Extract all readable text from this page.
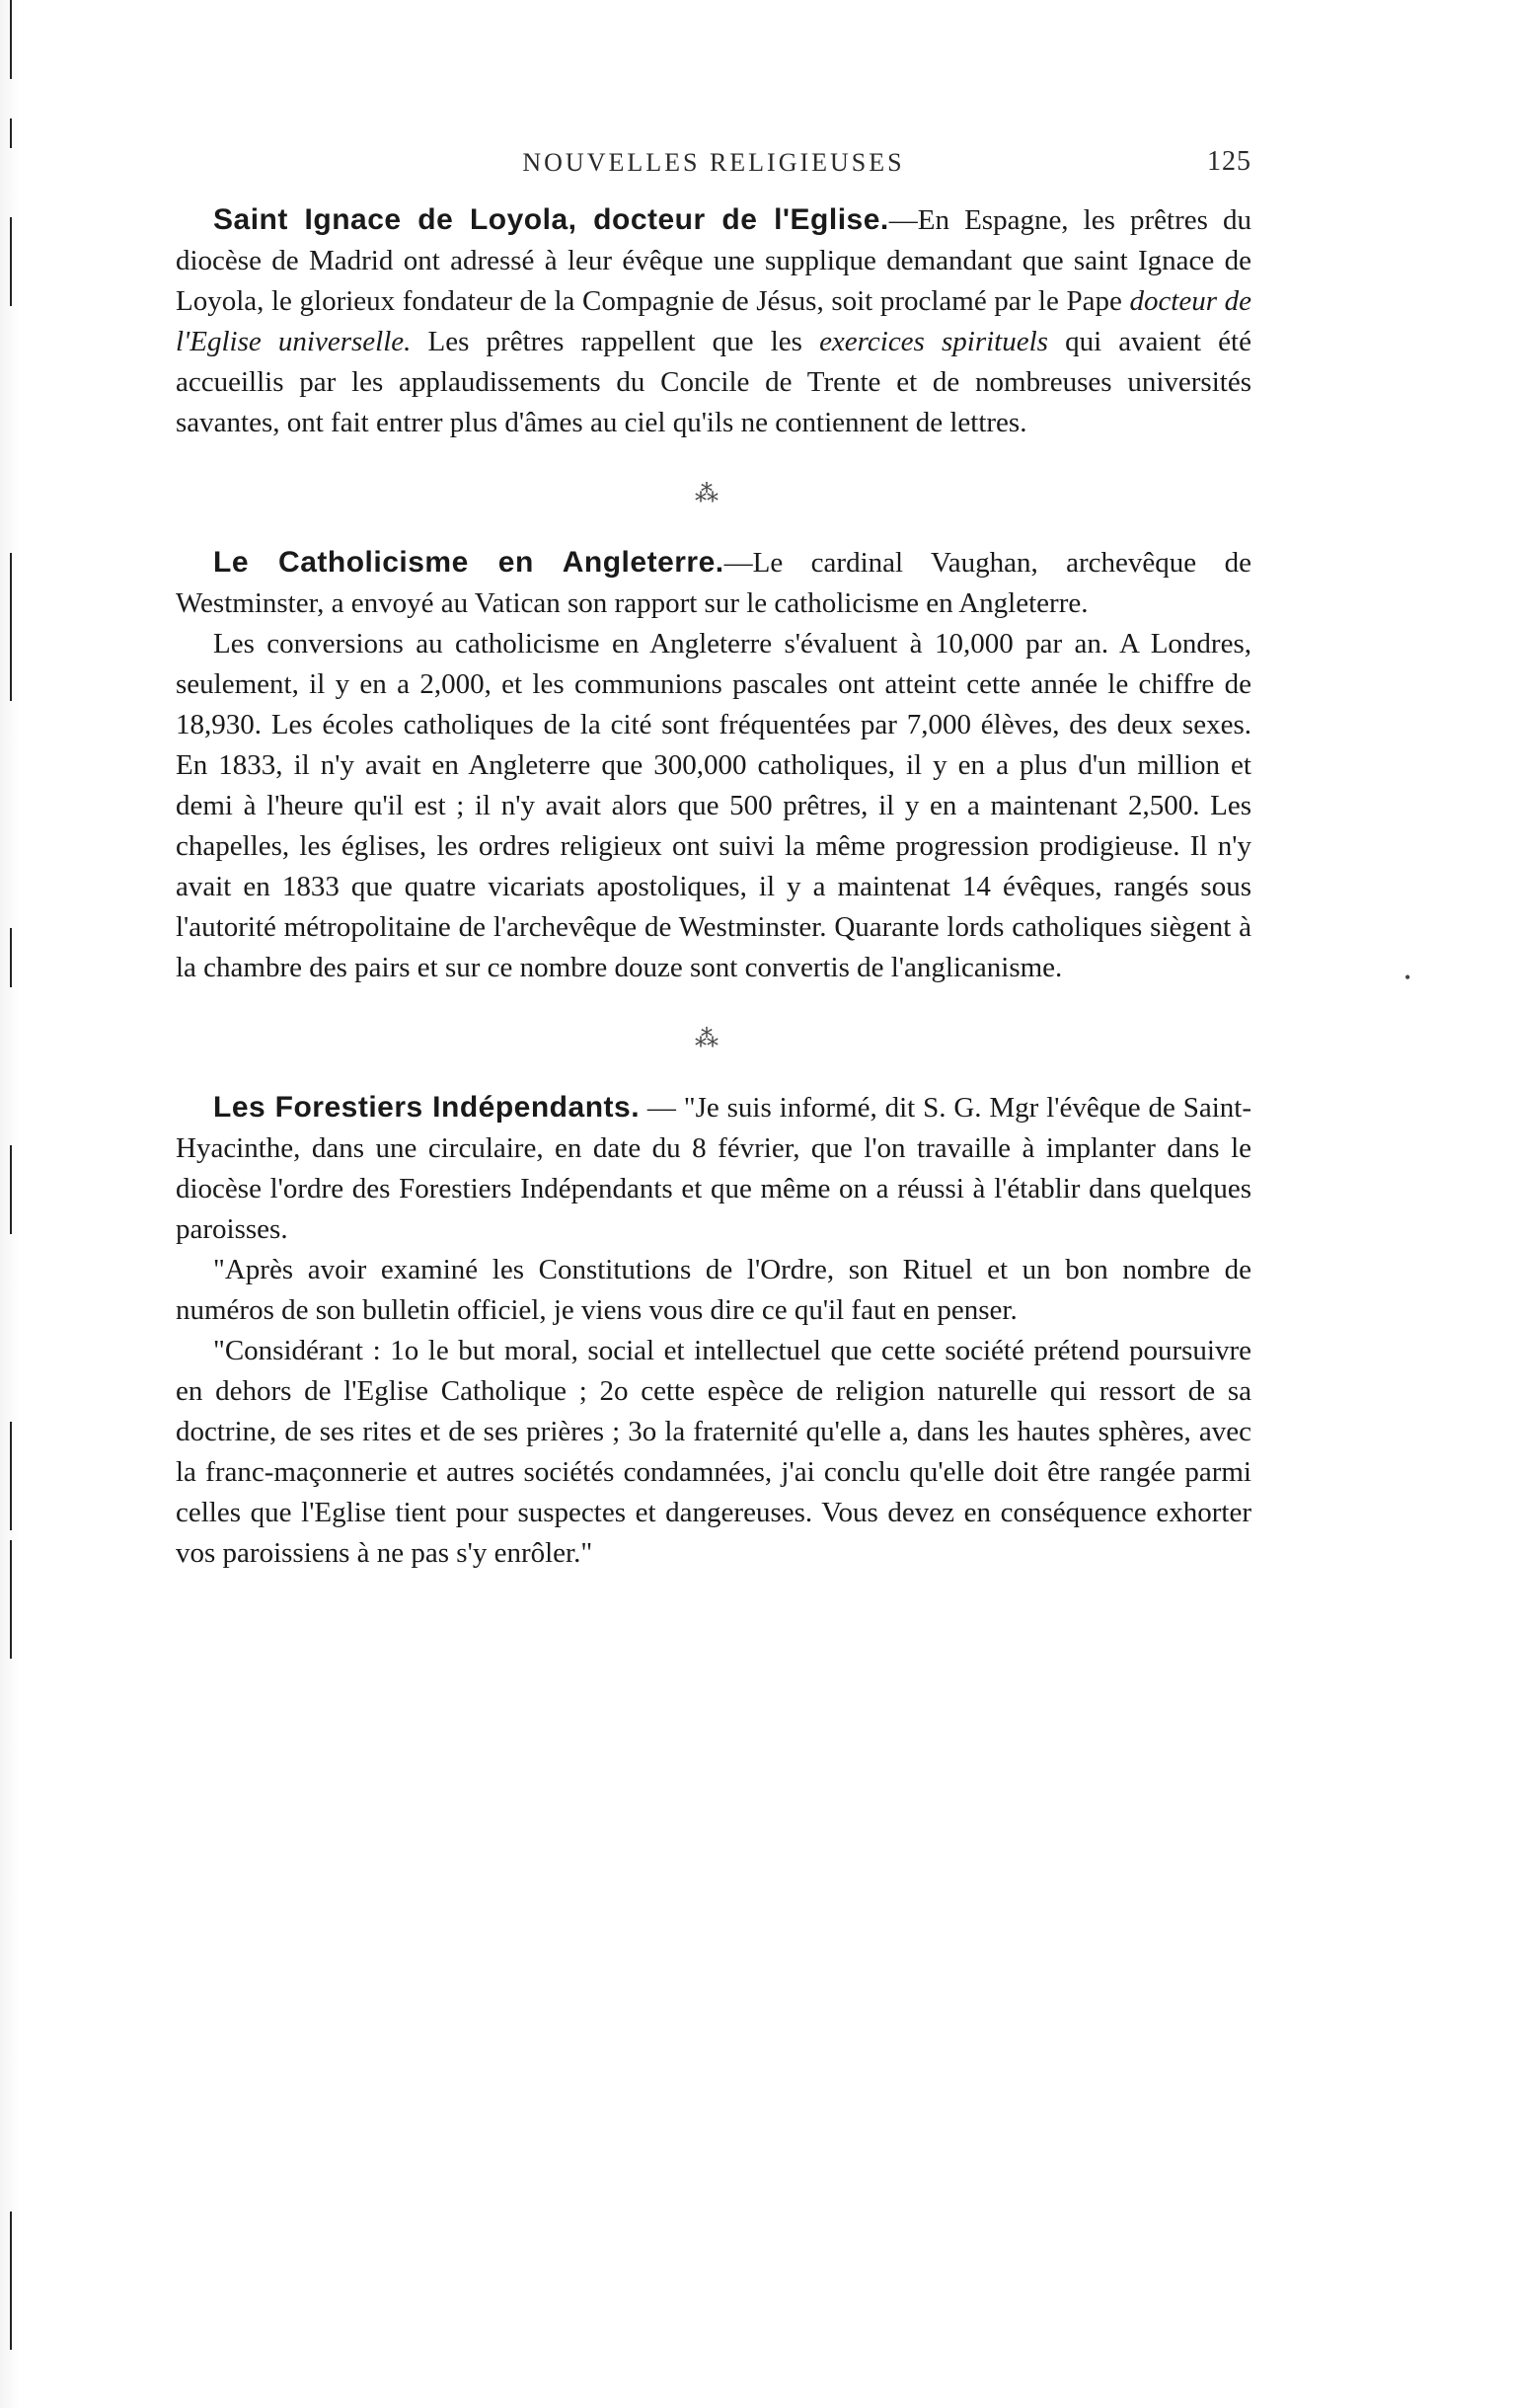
•
NOUVELLES RELIGIEUSES	125

Saint Ignace de Loyola, docteur de l'Eglise.—En Espagne, les prêtres du diocèse de Madrid ont adressé à leur évêque une supplique demandant que saint Ignace de Loyola, le glorieux fondateur de la Compagnie de Jésus, soit proclamé par le Pape docteur de l'Eglise universelle. Les prêtres rappellent que les exercices spirituels qui avaient été accueillis par les applaudissements du Concile de Trente et de nombreuses universités savantes, ont fait entrer plus d'âmes au ciel qu'ils ne contiennent de lettres.

⁂

Le Catholicisme en Angleterre.—Le cardinal Vaughan, archevêque de Westminster, a envoyé au Vatican son rapport sur le catholicisme en Angleterre.

Les conversions au catholicisme en Angleterre s'évaluent à 10,000 par an. A Londres, seulement, il y en a 2,000, et les communions pascales ont atteint cette année le chiffre de 18,930. Les écoles catholiques de la cité sont fréquentées par 7,000 élèves, des deux sexes. En 1833, il n'y avait en Angleterre que 300,000 catholiques, il y en a plus d'un million et demi à l'heure qu'il est ; il n'y avait alors que 500 prêtres, il y en a maintenant 2,500. Les chapelles, les églises, les ordres religieux ont suivi la même progression prodigieuse. Il n'y avait en 1833 que quatre vicariats apostoliques, il y a maintenat 14 évêques, rangés sous l'autorité métropolitaine de l'archevêque de Westminster. Quarante lords catholiques siègent à la chambre des pairs et sur ce nombre douze sont convertis de l'anglicanisme.

⁂

Les Forestiers Indépendants. — "Je suis informé, dit S. G. Mgr l'évêque de Saint-Hyacinthe, dans une circulaire, en date du 8 février, que l'on travaille à implanter dans le diocèse l'ordre des Forestiers Indépendants et que même on a réussi à l'établir dans quelques paroisses.

"Après avoir examiné les Constitutions de l'Ordre, son Rituel et un bon nombre de numéros de son bulletin officiel, je viens vous dire ce qu'il faut en penser.

"Considérant : 1o le but moral, social et intellectuel que cette société prétend poursuivre en dehors de l'Eglise Catholique ; 2o cette espèce de religion naturelle qui ressort de sa doctrine, de ses rites et de ses prières ; 3o la fraternité qu'elle a, dans les hautes sphères, avec la franc-maçonnerie et autres sociétés condamnées, j'ai conclu qu'elle doit être rangée parmi celles que l'Eglise tient pour suspectes et dangereuses. Vous devez en conséquence exhorter vos paroissiens à ne pas s'y enrôler."
